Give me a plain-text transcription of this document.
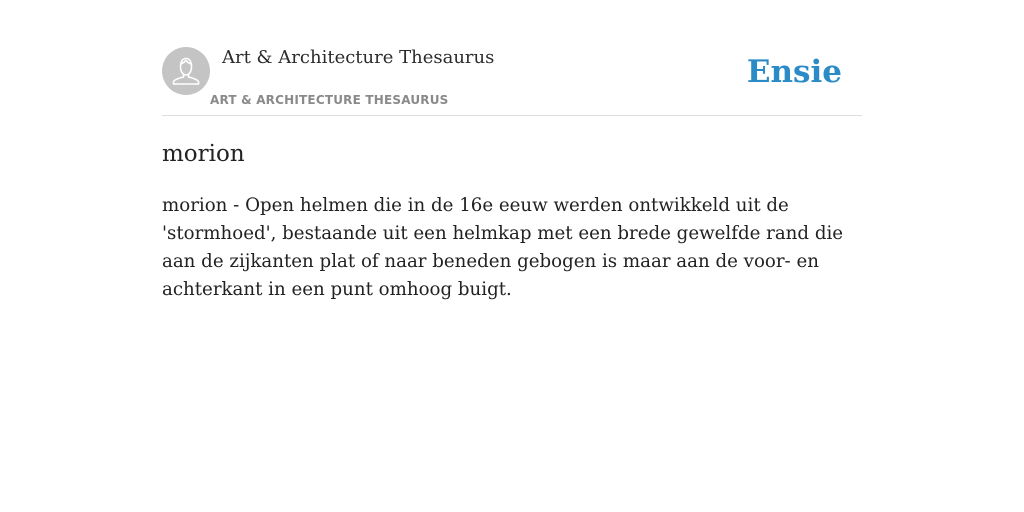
Art & Architecture Thesaurus
ART & ARCHITECTURE THESAURUS
Ensie
morion

morion - Open helmen die in de 16e eeuw werden ontwikkeld uit de 'stormhoed', bestaande uit een helmkap met een brede gewelfde rand die aan de zijkanten plat of naar beneden gebogen is maar aan de voor- en achterkant in een punt omhoog buigt.
